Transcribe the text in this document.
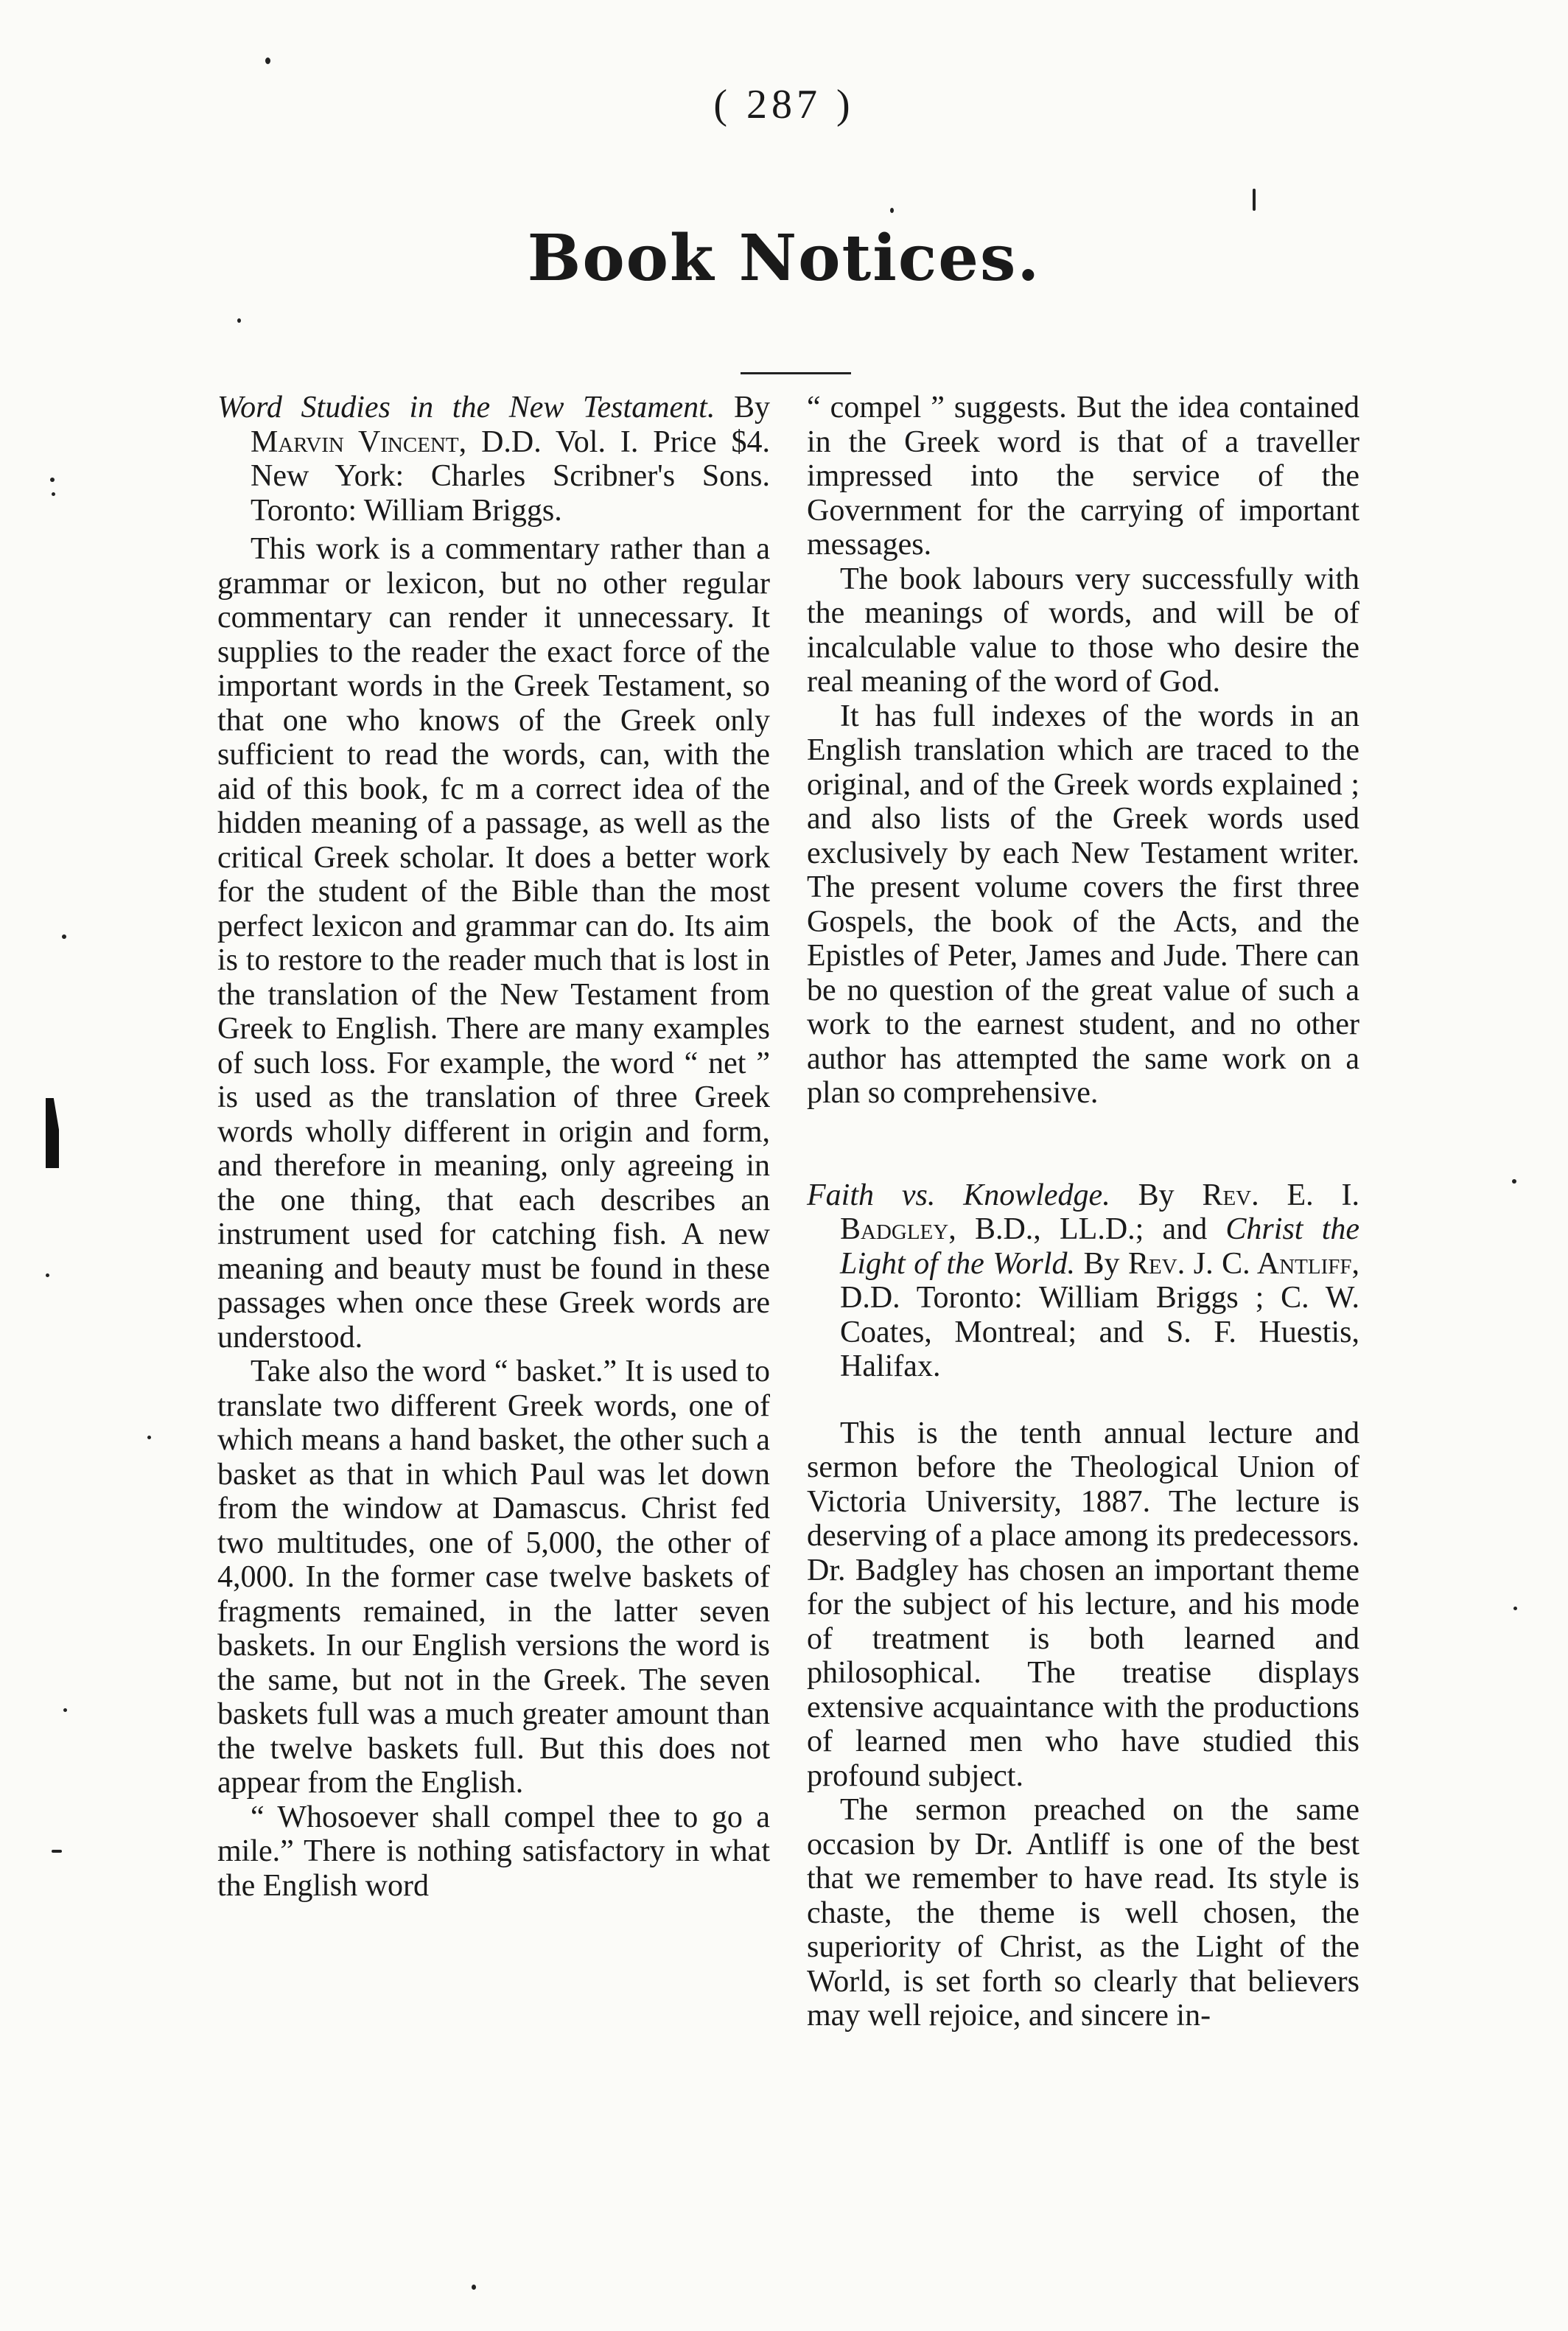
( 287 )
Book Notices.

Word Studies in the New Testament. By Marvin Vincent, D.D. Vol. I. Price $4. New York: Charles Scribner's Sons. Toronto: William Briggs.

This work is a commentary rather than a grammar or lexicon, but no other regular commentary can render it unnecessary. It supplies to the reader the exact force of the important words in the Greek Testament, so that one who knows of the Greek only sufficient to read the words, can, with the aid of this book, fc m a correct idea of the hidden meaning of a passage, as well as the critical Greek scholar. It does a better work for the student of the Bible than the most perfect lexicon and grammar can do. Its aim is to restore to the reader much that is lost in the translation of the New Testament from Greek to English. There are many examples of such loss. For example, the word “ net ” is used as the translation of three Greek words wholly different in origin and form, and therefore in meaning, only agreeing in the one thing, that each describes an instrument used for catching fish. A new meaning and beauty must be found in these passages when once these Greek words are understood.

Take also the word “ basket.” It is used to translate two different Greek words, one of which means a hand basket, the other such a basket as that in which Paul was let down from the window at Damascus. Christ fed two multitudes, one of 5,000, the other of 4,000. In the former case twelve baskets of fragments remained, in the latter seven baskets. In our English versions the word is the same, but not in the Greek. The seven baskets full was a much greater amount than the twelve baskets full. But this does not appear from the English.

“ Whosoever shall compel thee to go a mile.” There is nothing satisfactory in what the English word

“ compel ” suggests. But the idea contained in the Greek word is that of a traveller impressed into the service of the Government for the carrying of important messages.

The book labours very successfully with the meanings of words, and will be of incalculable value to those who desire the real meaning of the word of God.

It has full indexes of the words in an English translation which are traced to the original, and of the Greek words explained ; and also lists of the Greek words used exclusively by each New Testament writer. The present volume covers the first three Gospels, the book of the Acts, and the Epistles of Peter, James and Jude. There can be no question of the great value of such a work to the earnest student, and no other author has attempted the same work on a plan so comprehensive.

Faith vs. Knowledge. By Rev. E. I. Badgley, B.D., LL.D.; and Christ the Light of the World. By Rev. J. C. Antliff, D.D. Toronto: William Briggs ; C. W. Coates, Montreal; and S. F. Huestis, Halifax.

This is the tenth annual lecture and sermon before the Theological Union of Victoria University, 1887. The lecture is deserving of a place among its predecessors. Dr. Badgley has chosen an important theme for the subject of his lecture, and his mode of treatment is both learned and philosophical. The treatise displays extensive acquaintance with the productions of learned men who have studied this profound subject.

The sermon preached on the same occasion by Dr. Antliff is one of the best that we remember to have read. Its style is chaste, the theme is well chosen, the superiority of Christ, as the Light of the World, is set forth so clearly that believers may well rejoice, and sincere in-
